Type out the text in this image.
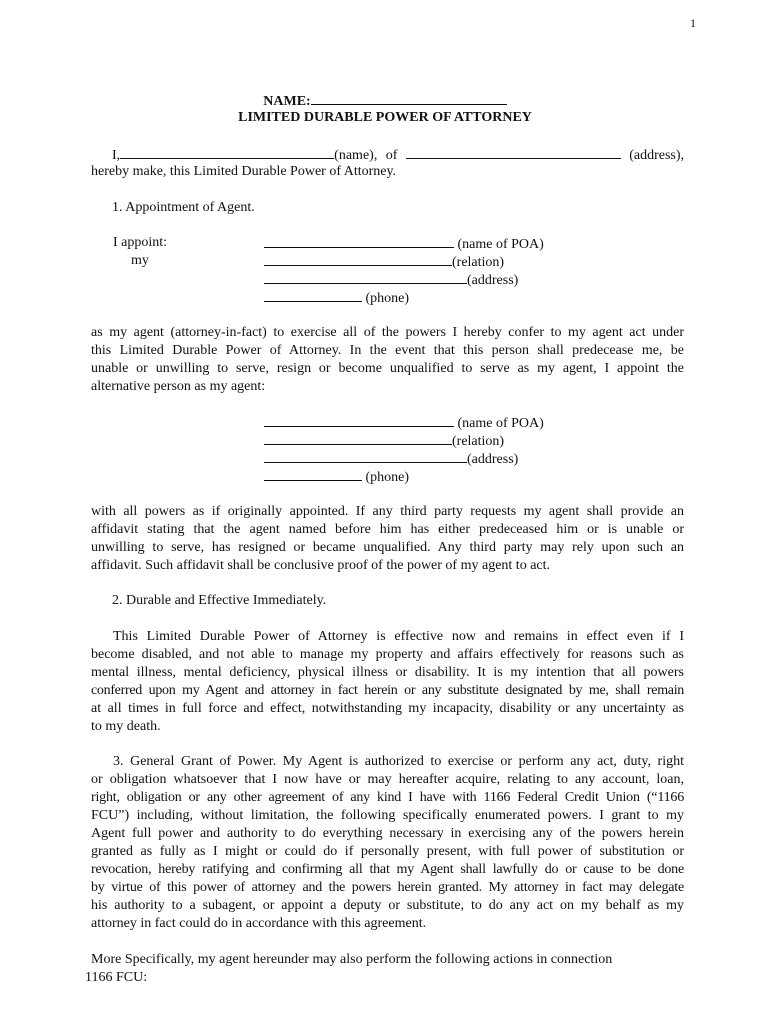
1
NAME:
LIMITED DURABLE POWER OF ATTORNEY
I,	(name), of	(address),
hereby make, this Limited Durable Power of Attorney.
1. Appointment of Agent.
I appoint:
my
(name of POA)
(relation)
(address)
(phone)
as my agent (attorney-in-fact) to exercise all of the powers I hereby confer to my agent act under
this Limited Durable Power of Attorney. In the event that this person shall predecease me, be
unable or unwilling to serve, resign or become unqualified to serve as my agent, I appoint the
alternative person as my agent:
(name of POA)
(relation)
(address)
(phone)
with all powers as if originally appointed. If any third party requests my agent shall provide an
affidavit stating that the agent named before him has either predeceased him or is unable or
unwilling to serve, has resigned or became unqualified. Any third party may rely upon such an
affidavit. Such affidavit shall be conclusive proof of the power of my agent to act.
2. Durable and Effective Immediately.
This Limited Durable Power of Attorney is effective now and remains in effect even if I
become disabled, and not able to manage my property and affairs effectively for reasons such as
mental illness, mental deficiency, physical illness or disability. It is my intention that all powers
conferred upon my Agent and attorney in fact herein or any substitute designated by me, shall remain
at all times in full force and effect, notwithstanding my incapacity, disability or any uncertainty as
to my death.
3. General Grant of Power. My Agent is authorized to exercise or perform any act, duty, right
or obligation whatsoever that I now have or may hereafter acquire, relating to any account, loan,
right, obligation or any other agreement of any kind I have with 1166 Federal Credit Union (“1166
FCU”) including, without limitation, the following specifically enumerated powers. I grant to my
Agent full power and authority to do everything necessary in exercising any of the powers herein
granted as fully as I might or could do if personally present, with full power of substitution or
revocation, hereby ratifying and confirming all that my Agent shall lawfully do or cause to be done
by virtue of this power of attorney and the powers herein granted. My attorney in fact may delegate
his authority to a subagent, or appoint a deputy or substitute, to do any act on my behalf as my
attorney in fact could do in accordance with this agreement.
More Specifically, my agent hereunder may also perform the following actions in connection
1166 FCU:
